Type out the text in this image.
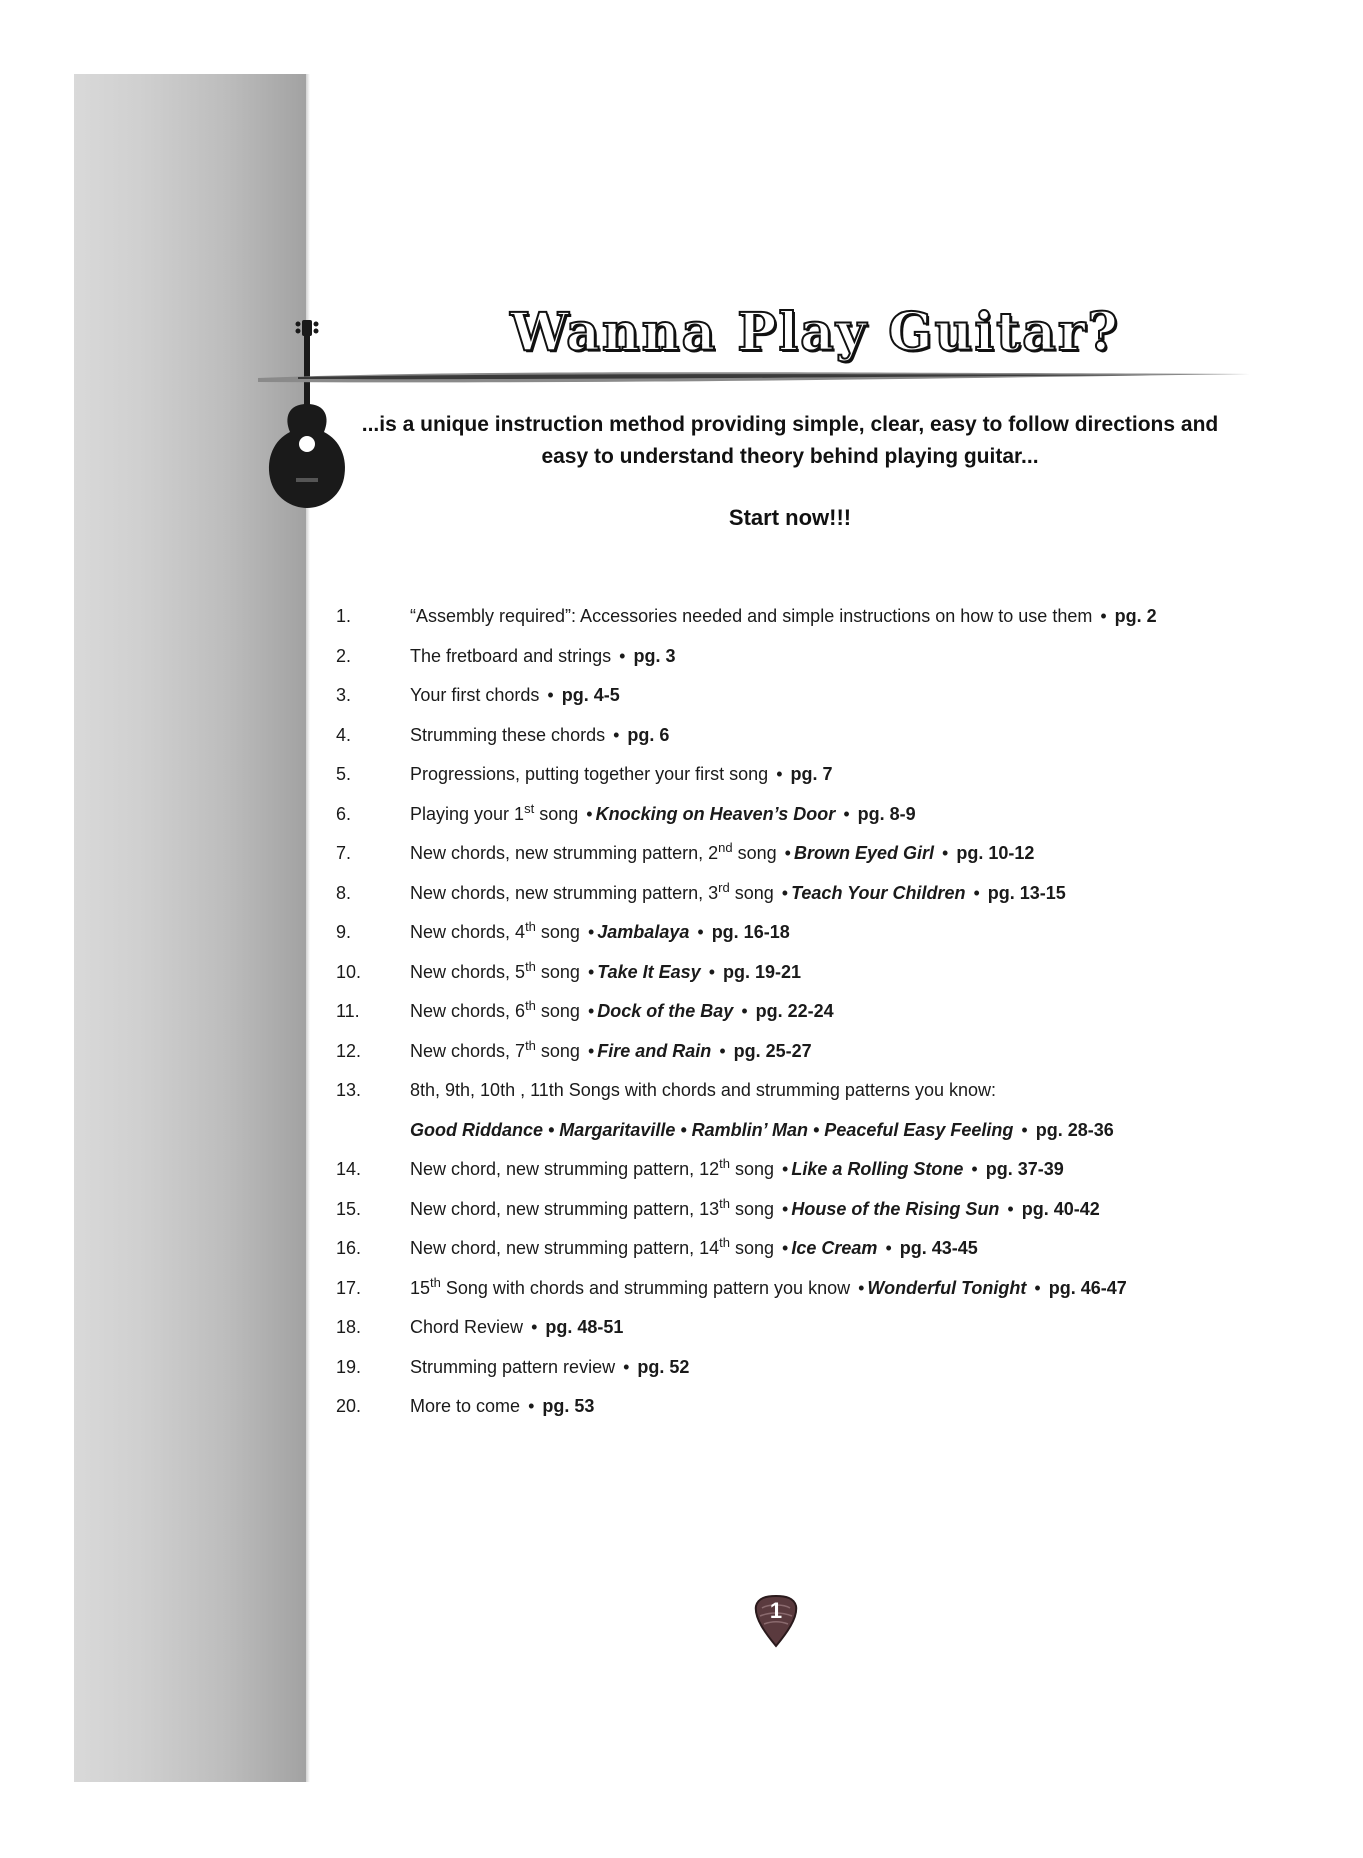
Wanna Play Guitar?
...is a unique instruction method providing simple, clear, easy to follow directions and
easy to understand theory behind playing guitar...
Start now!!!
1.	“Assembly required”: Accessories needed and simple instructions on how to use them • pg. 2
2.	The fretboard and strings • pg. 3
3.	Your first chords • pg. 4-5
4.	Strumming these chords • pg. 6
5.	Progressions, putting together your first song • pg. 7
6.	Playing your 1st song • Knocking on Heaven’s Door • pg. 8-9
7.	New chords, new strumming pattern, 2nd song • Brown Eyed Girl • pg. 10-12
8.	New chords, new strumming pattern, 3rd song • Teach Your Children • pg. 13-15
9.	New chords, 4th song • Jambalaya • pg. 16-18
10.	New chords, 5th song • Take It Easy • pg. 19-21
11.	New chords, 6th song • Dock of the Bay • pg. 22-24
12.	New chords, 7th song • Fire and Rain • pg. 25-27
13.	8th, 9th, 10th , 11th Songs with chords and strumming patterns you know:
Good Riddance • Margaritaville • Ramblin’ Man • Peaceful Easy Feeling • pg. 28-36
14.	New chord, new strumming pattern, 12th song • Like a Rolling Stone • pg. 37-39
15.	New chord, new strumming pattern, 13th song • House of the Rising Sun • pg. 40-42
16.	New chord, new strumming pattern, 14th song • Ice Cream • pg. 43-45
17.	15th Song with chords and strumming pattern you know • Wonderful Tonight • pg. 46-47
18.	Chord Review • pg. 48-51
19.	Strumming pattern review • pg. 52
20.	More to come • pg. 53
1
